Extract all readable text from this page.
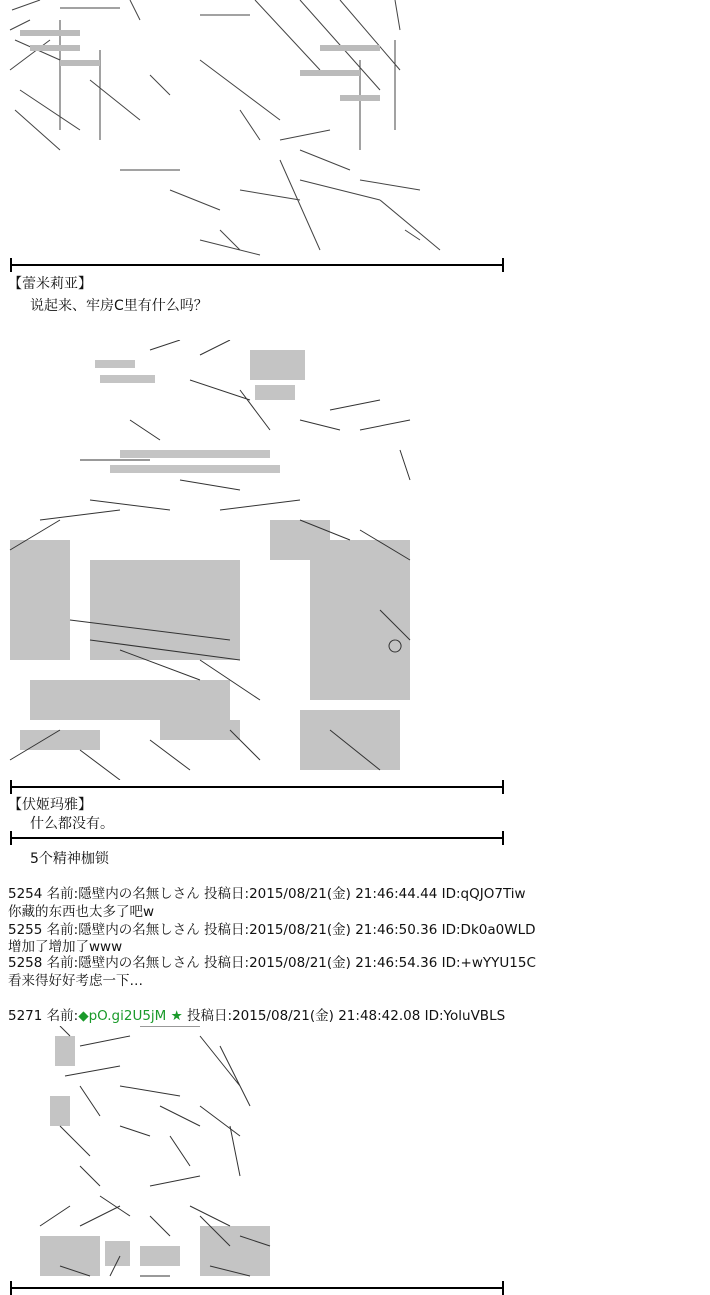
【蕾米莉亚】
说起来、牢房C里有什么吗？
【伏姬玛雅】
什么都没有。
5个精神枷锁
5254 名前:隱壁内の名無しさん 投稿日:2015/08/21(金) 21:46:44.44 ID:qQJO7Tiw
你藏的东西也太多了吧w
5255 名前:隱壁内の名無しさん 投稿日:2015/08/21(金) 21:46:50.36 ID:Dk0a0WLD
增加了增加了www
5258 名前:隱壁内の名無しさん 投稿日:2015/08/21(金) 21:46:54.36 ID:+wYYU15C
看来得好好考虑一下…
5271 名前:◆pO.gi2U5jM ★ 投稿日:2015/08/21(金) 21:48:42.08 ID:YoluVBLS
